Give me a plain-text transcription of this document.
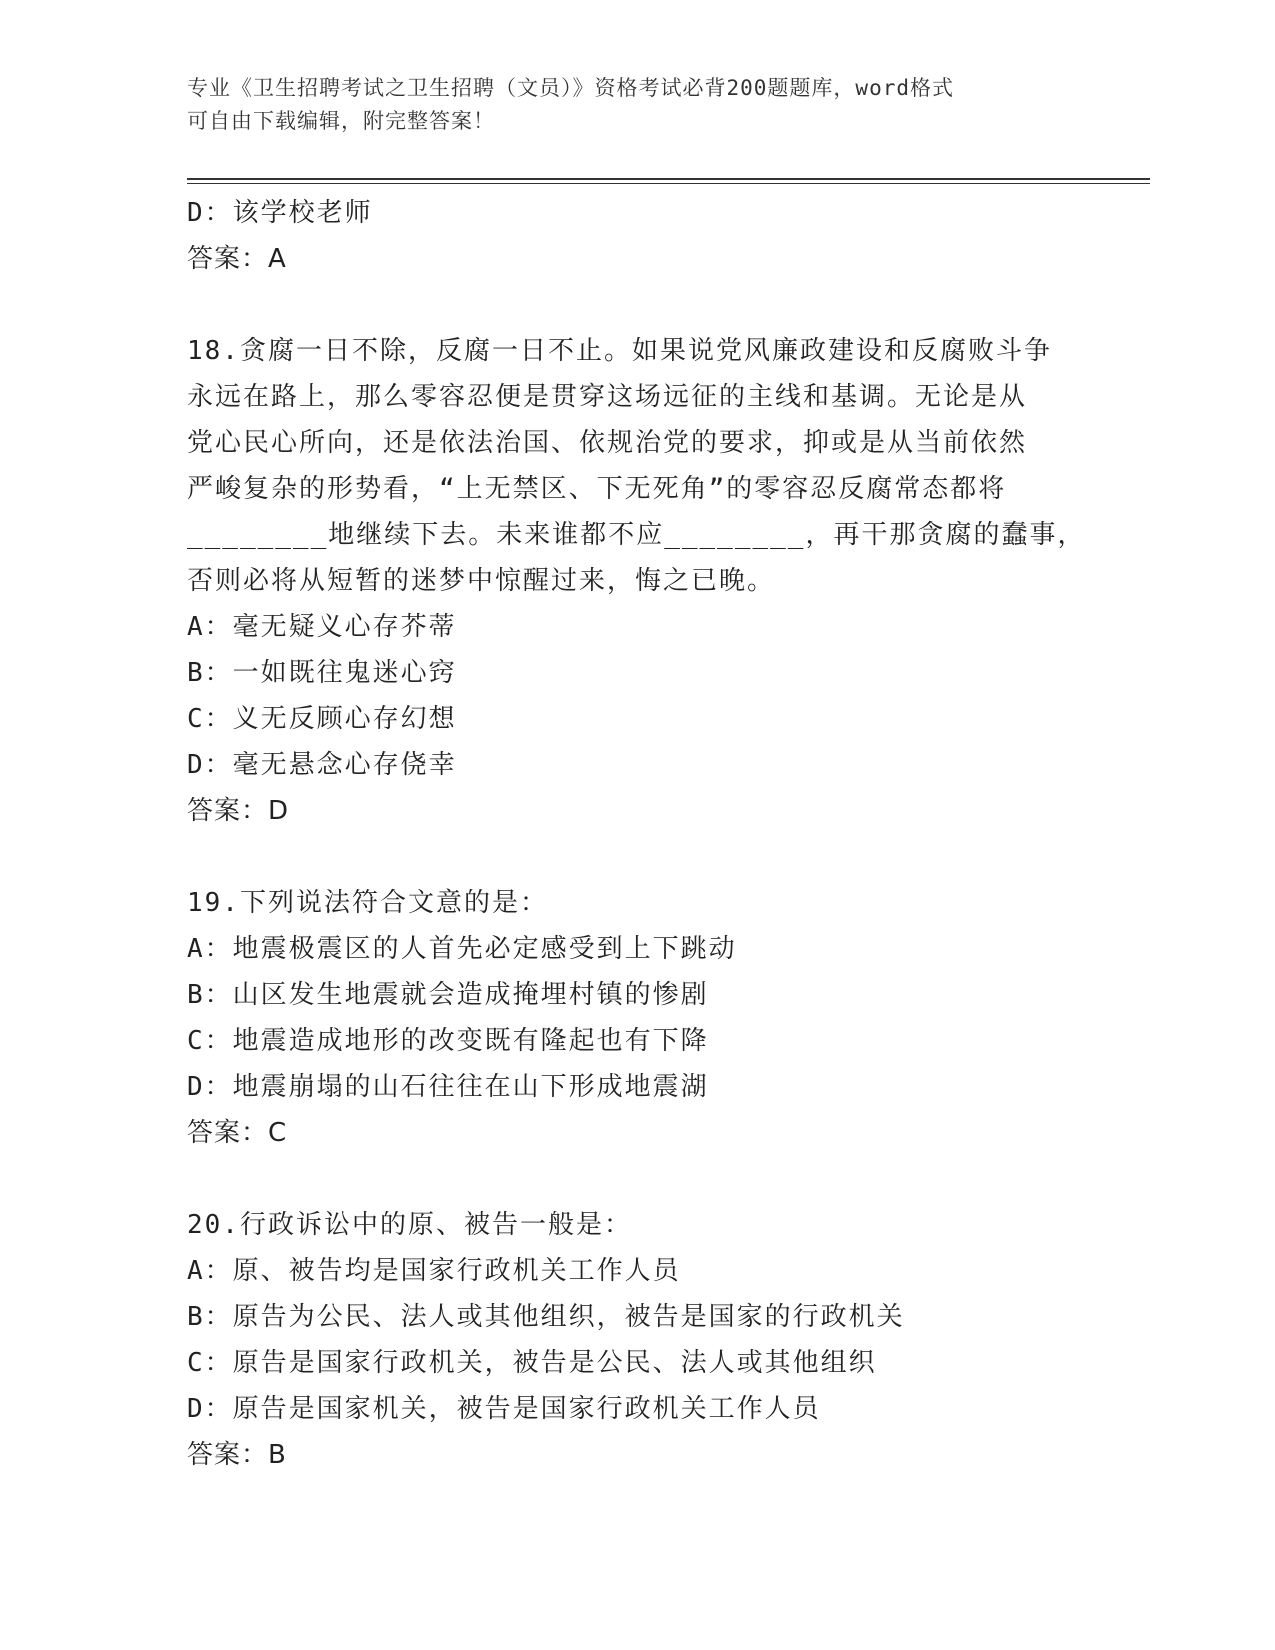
专业《卫生招聘考试之卫生招聘（文员）》资格考试必背200题题库，word格式
可自由下载编辑，附完整答案！
D：该学校老师
答案：A
18.贪腐一日不除，反腐一日不止。如果说党风廉政建设和反腐败斗争
永远在路上，那么零容忍便是贯穿这场远征的主线和基调。无论是从
党心民心所向，还是依法治国、依规治党的要求，抑或是从当前依然
严峻复杂的形势看，“上无禁区、下无死角”的零容忍反腐常态都将
________地继续下去。未来谁都不应________，再干那贪腐的蠢事，
否则必将从短暂的迷梦中惊醒过来，悔之已晚。
A：毫无疑义心存芥蒂
B：一如既往鬼迷心窍
C：义无反顾心存幻想
D：毫无悬念心存侥幸
答案：D
19.下列说法符合文意的是：
A：地震极震区的人首先必定感受到上下跳动
B：山区发生地震就会造成掩埋村镇的惨剧
C：地震造成地形的改变既有隆起也有下降
D：地震崩塌的山石往往在山下形成地震湖
答案：C
20.行政诉讼中的原、被告一般是：
A：原、被告均是国家行政机关工作人员
B：原告为公民、法人或其他组织，被告是国家的行政机关
C：原告是国家行政机关，被告是公民、法人或其他组织
D：原告是国家机关，被告是国家行政机关工作人员
答案：B
